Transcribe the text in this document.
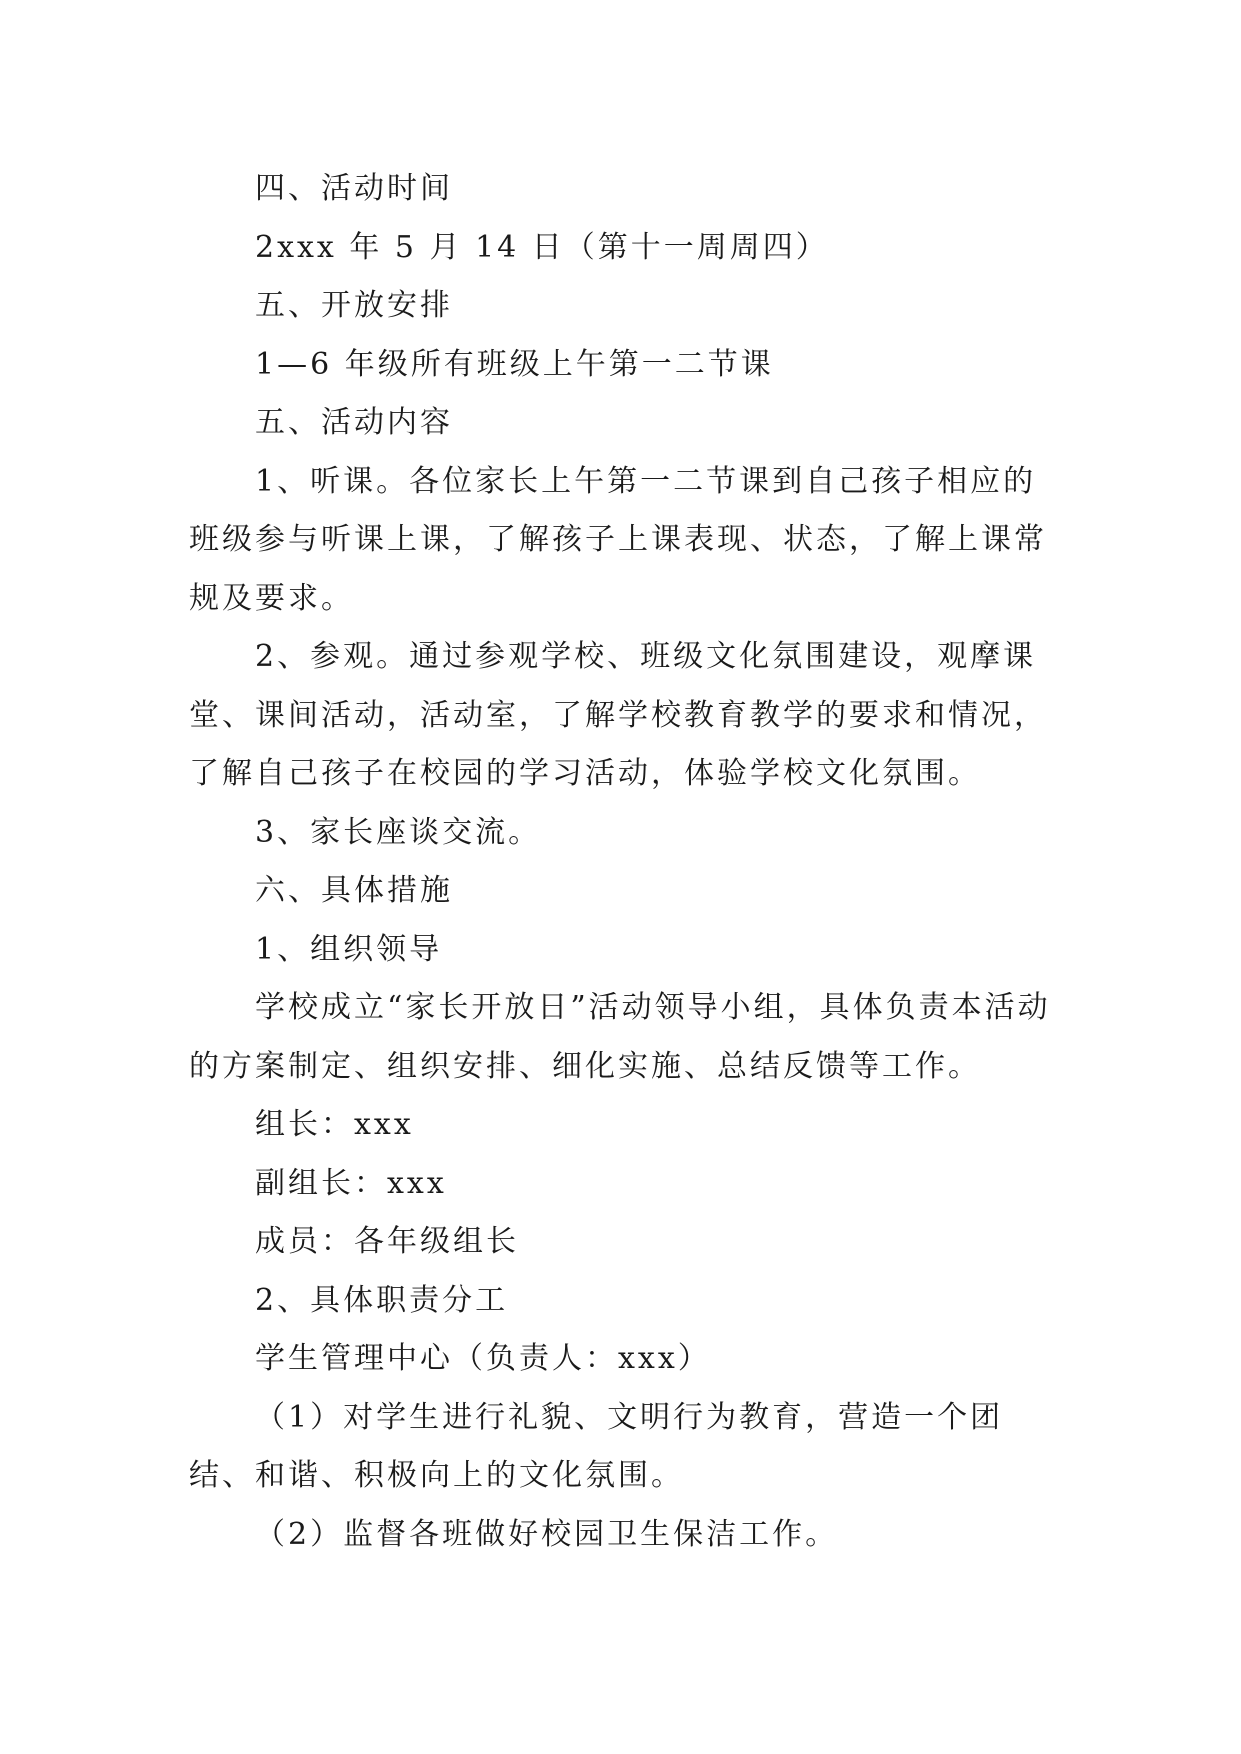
四、活动时间

2xxx 年 5 月 14 日（第十一周周四）

五、开放安排

1—6 年级所有班级上午第一二节课

五、活动内容

1、听课。各位家长上午第一二节课到自己孩子相应的班级参与听课上课，了解孩子上课表现、状态，了解上课常规及要求。

2、参观。通过参观学校、班级文化氛围建设，观摩课堂、课间活动，活动室，了解学校教育教学的要求和情况，了解自己孩子在校园的学习活动，体验学校文化氛围。

3、家长座谈交流。

六、具体措施

1、组织领导

学校成立“家长开放日”活动领导小组，具体负责本活动的方案制定、组织安排、细化实施、总结反馈等工作。

组长：xxx

副组长：xxx

成员：各年级组长

2、具体职责分工

学生管理中心（负责人：xxx）

（1）对学生进行礼貌、文明行为教育，营造一个团结、和谐、积极向上的文化氛围。

（2）监督各班做好校园卫生保洁工作。
